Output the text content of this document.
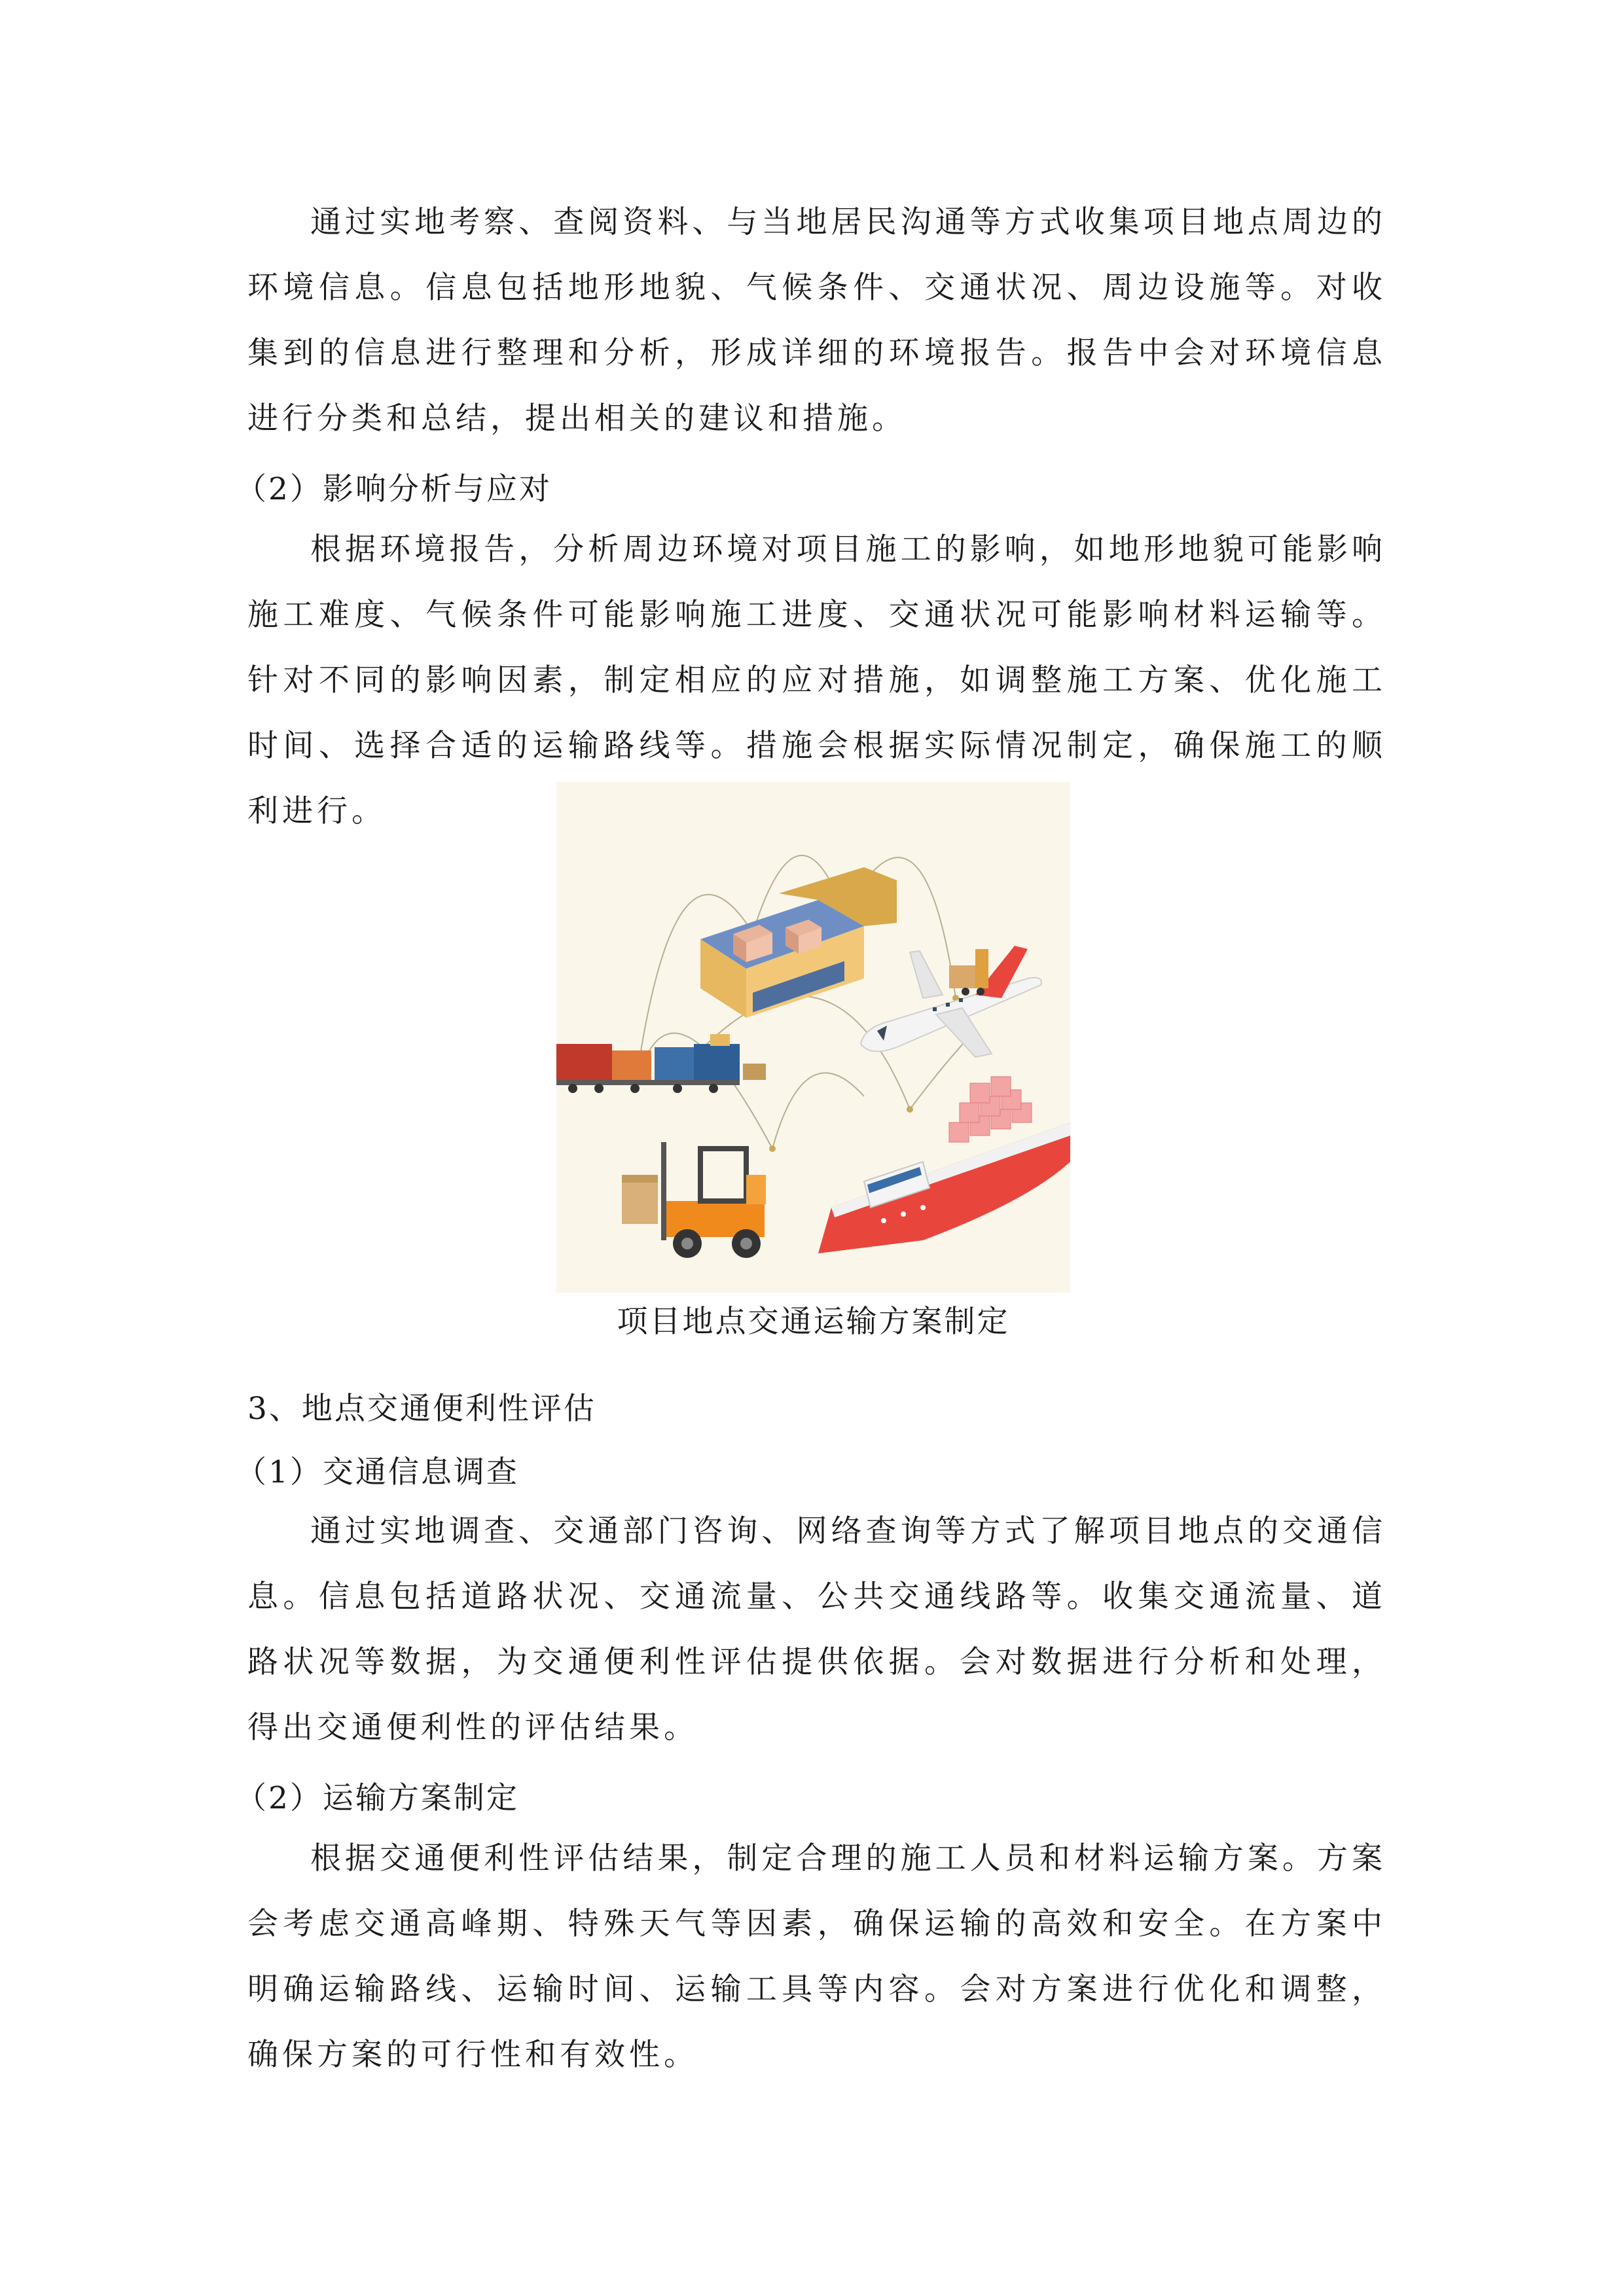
通过实地考察、查阅资料、与当地居民沟通等方式收集项目地点周边的环境信息。信息包括地形地貌、气候条件、交通状况、周边设施等。对收集到的信息进行整理和分析，形成详细的环境报告。报告中会对环境信息进行分类和总结，提出相关的建议和措施。

（2）影响分析与应对

根据环境报告，分析周边环境对项目施工的影响，如地形地貌可能影响施工难度、气候条件可能影响施工进度、交通状况可能影响材料运输等。针对不同的影响因素，制定相应的应对措施，如调整施工方案、优化施工时间、选择合适的运输路线等。措施会根据实际情况制定，确保施工的顺利进行。

项目地点交通运输方案制定

3、地点交通便利性评估

（1）交通信息调查

通过实地调查、交通部门咨询、网络查询等方式了解项目地点的交通信息。信息包括道路状况、交通流量、公共交通线路等。收集交通流量、道路状况等数据，为交通便利性评估提供依据。会对数据进行分析和处理，得出交通便利性的评估结果。

（2）运输方案制定

根据交通便利性评估结果，制定合理的施工人员和材料运输方案。方案会考虑交通高峰期、特殊天气等因素，确保运输的高效和安全。在方案中明确运输路线、运输时间、运输工具等内容。会对方案进行优化和调整，确保方案的可行性和有效性。
